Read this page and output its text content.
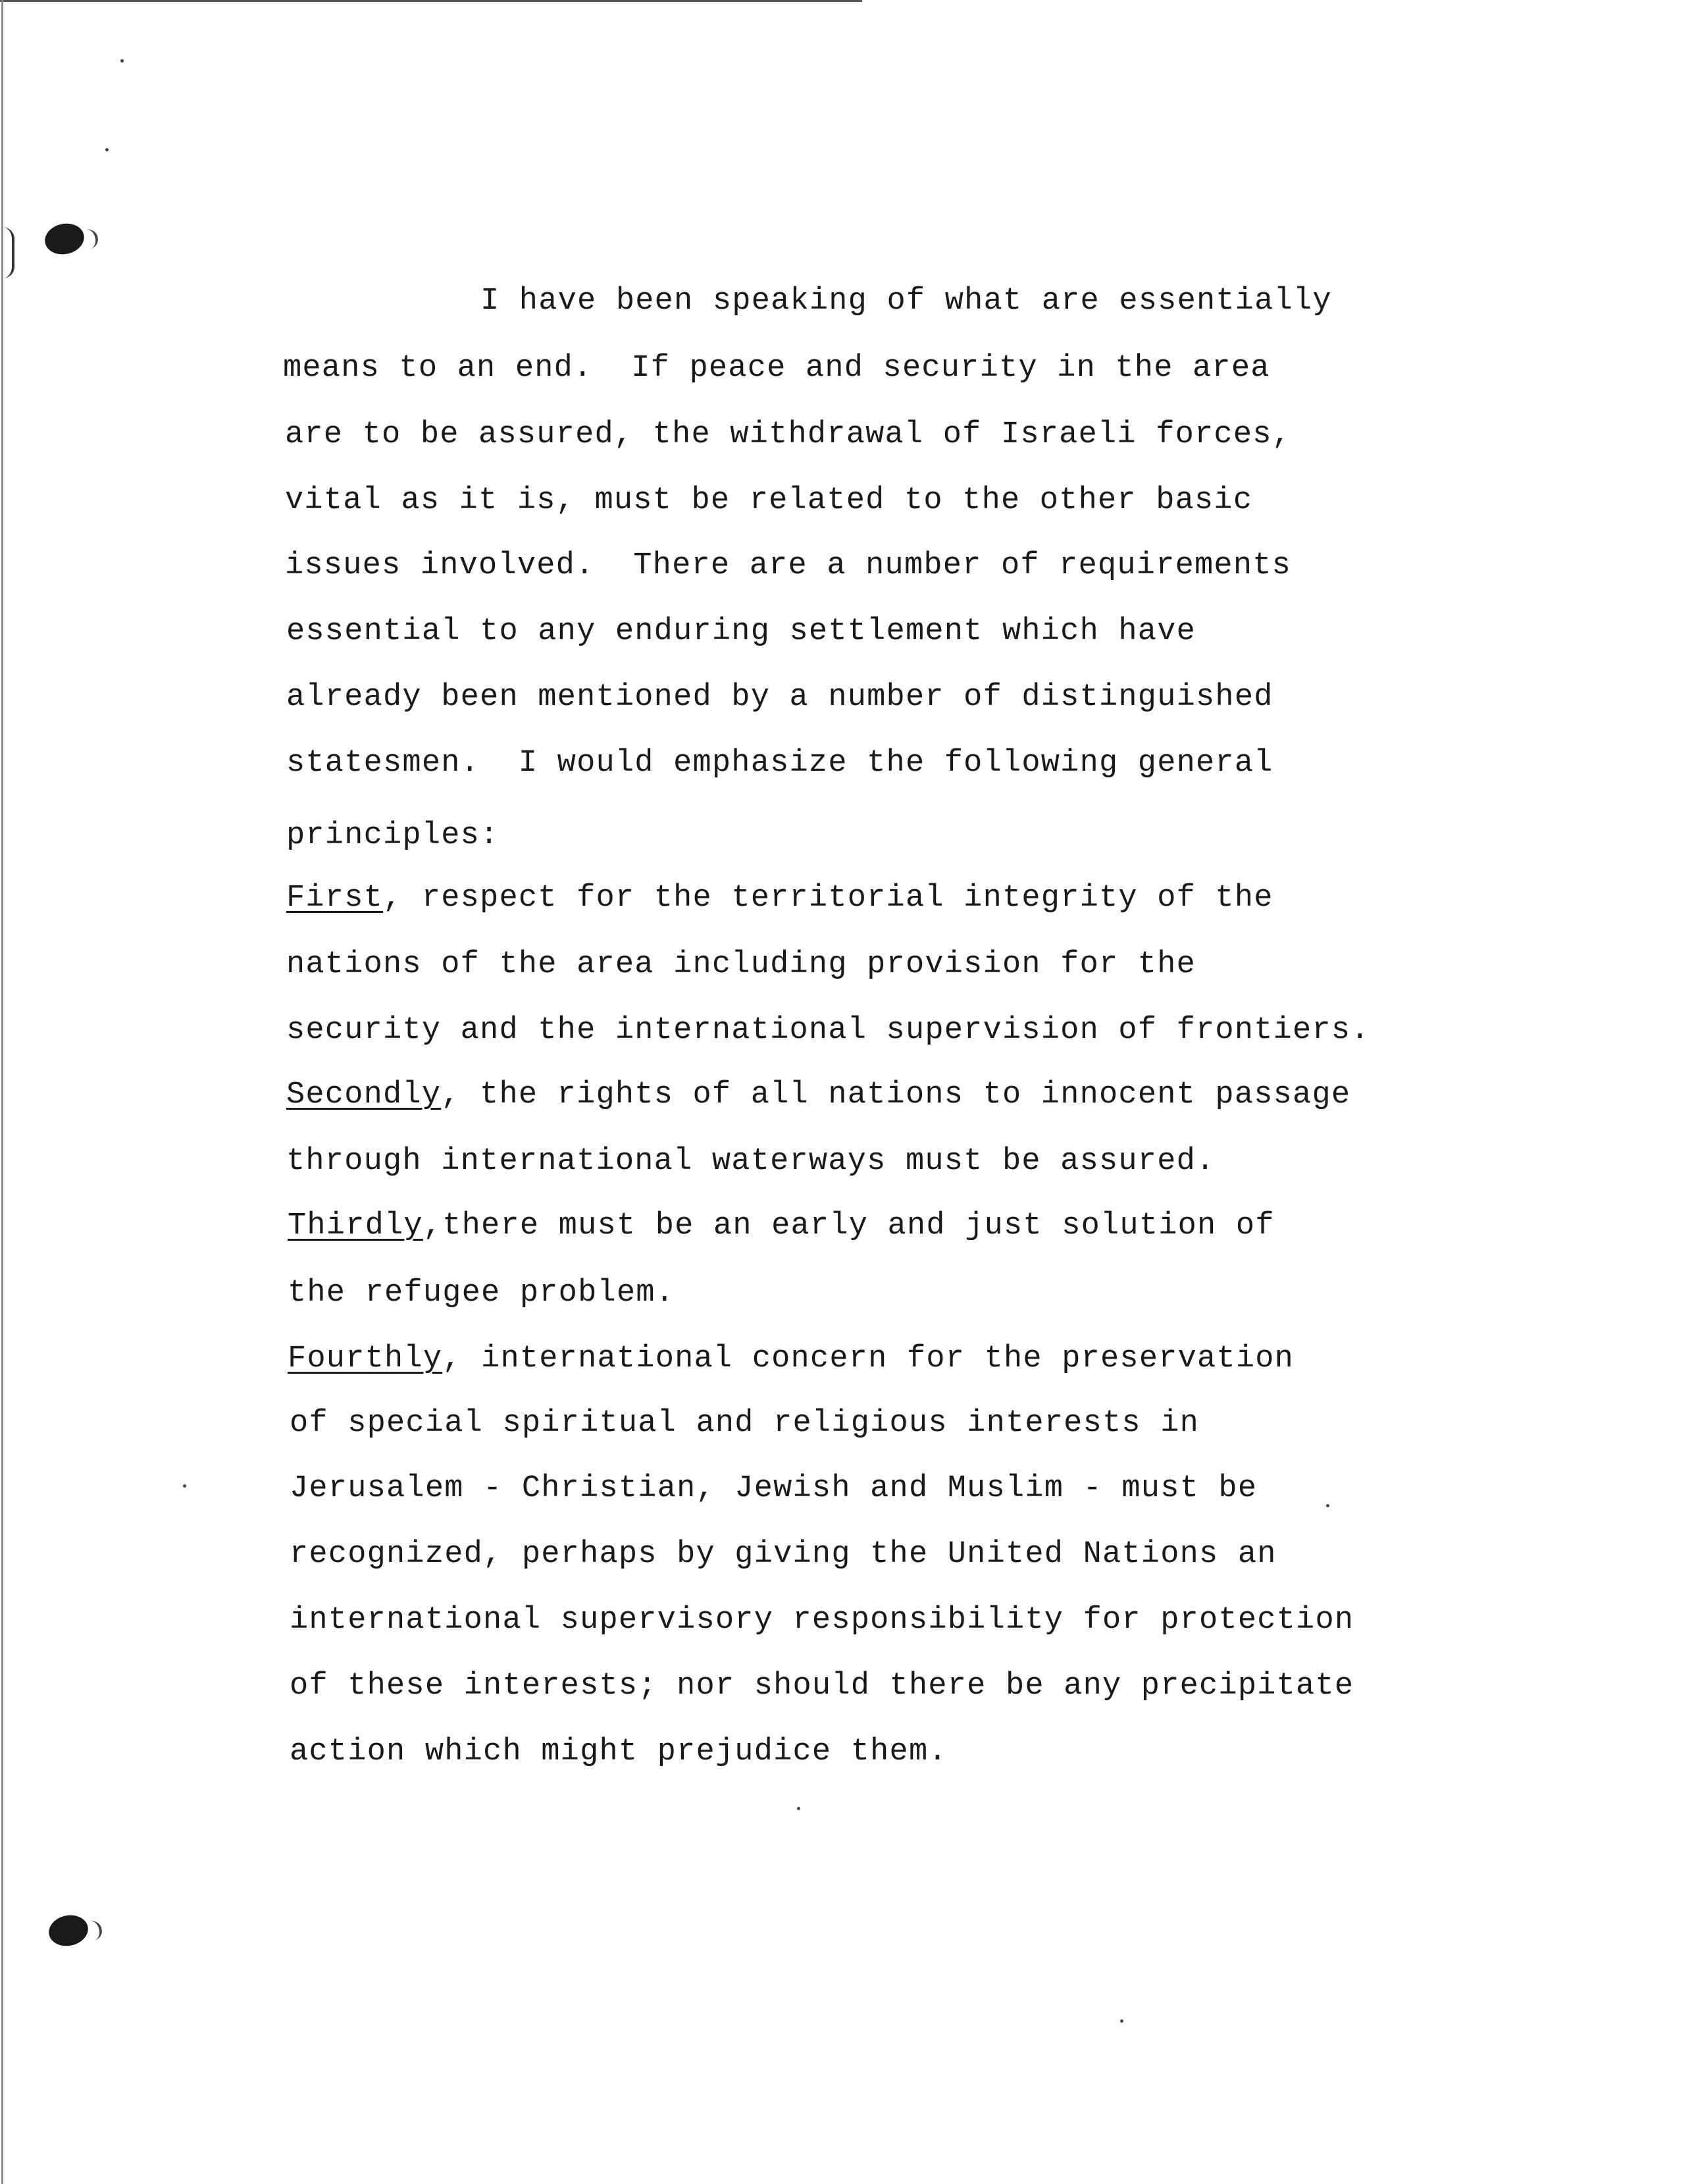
I have been speaking of what are essentially
means to an end.  If peace and security in the area
are to be assured, the withdrawal of Israeli forces,
vital as it is, must be related to the other basic
issues involved.  There are a number of requirements
essential to any enduring settlement which have
already been mentioned by a number of distinguished
statesmen.  I would emphasize the following general
principles:
First, respect for the territorial integrity of the
nations of the area including provision for the
security and the international supervision of frontiers.
Secondly, the rights of all nations to innocent passage
through international waterways must be assured.
Thirdly,there must be an early and just solution of
the refugee problem.
Fourthly, international concern for the preservation
of special spiritual and religious interests in
Jerusalem - Christian, Jewish and Muslim - must be
recognized, perhaps by giving the United Nations an
international supervisory responsibility for protection
of these interests; nor should there be any precipitate
action which might prejudice them.
